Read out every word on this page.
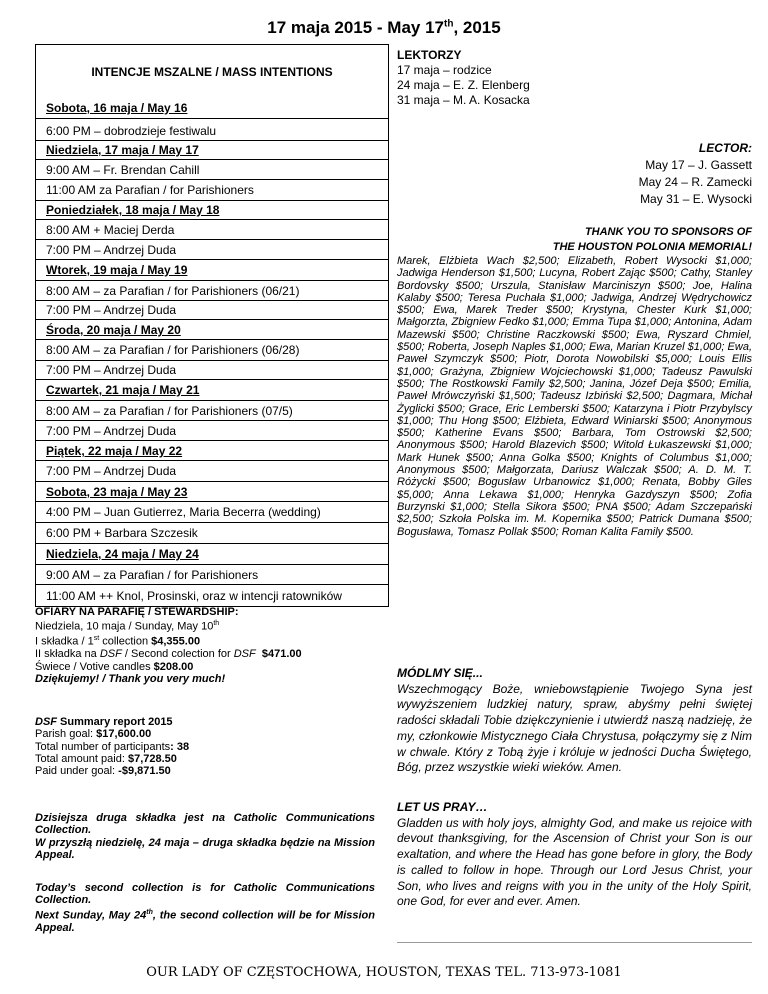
17 maja 2015 - May 17th, 2015
INTENCJE MSZALNE / MASS INTENTIONS
Sobota, 16 maja / May 16
6:00 PM – dobrodzieje festiwalu
Niedziela, 17 maja / May 17
9:00 AM – Fr. Brendan Cahill
11:00 AM za Parafian / for Parishioners
Poniedziałek, 18 maja / May 18
8:00 AM + Maciej Derda
7:00 PM – Andrzej Duda
Wtorek, 19 maja / May 19
8:00 AM – za Parafian / for Parishioners (06/21)
7:00 PM – Andrzej Duda
Środa, 20 maja / May 20
8:00 AM – za Parafian / for Parishioners (06/28)
7:00 PM – Andrzej Duda
Czwartek, 21 maja / May 21
8:00 AM – za Parafian / for Parishioners (07/5)
7:00 PM – Andrzej Duda
Piątek, 22 maja / May 22
7:00 PM – Andrzej Duda
Sobota, 23 maja / May 23
4:00 PM – Juan Gutierrez, Maria Becerra (wedding)
6:00 PM + Barbara Szczesik
Niedziela, 24 maja / May 24
9:00 AM – za Parafian / for Parishioners
11:00 AM ++ Knol, Prosinski, oraz w intencji ratowników
OFIARY NA PARAFIĘ / STEWARDSHIP:
Niedziela, 10 maja / Sunday, May 10th
I składka / 1st collection $4,355.00
II składka na DSF / Second colection for DSF $471.00
Świece / Votive candles $208.00
Dziękujemy! / Thank you very much!
DSF Summary report 2015
Parish goal: $17,600.00
Total number of participants: 38
Total amount paid: $7,728.50
Paid under goal: -$9,871.50
Dzisiejsza druga składka jest na Catholic Communications Collection.
W przyszłą niedzielę, 24 maja – druga składka będzie na Mission Appeal.
Today’s second collection is for Catholic Communications Collection.
Next Sunday, May 24th, the second collection will be for Mission Appeal.
LEKTORZY
17 maja – rodzice
24 maja – E. Z. Elenberg
31 maja – M. A. Kosacka
LECTOR:
May 17 – J. Gassett
May 24 – R. Zamecki
May 31 – E. Wysocki
THANK YOU TO SPONSORS OF
THE HOUSTON POLONIA MEMORIAL!
Marek, Elżbieta Wach $2,500; Elizabeth, Robert Wysocki $1,000; Jadwiga Henderson $1,500; Lucyna, Robert Zając $500; Cathy, Stanley Bordovsky $500; Urszula, Stanisław Marciniszyn $500; Joe, Halina Kalaby $500; Teresa Puchała $1,000; Jadwiga, Andrzej Wędrychowicz $500; Ewa, Marek Treder $500; Krystyna, Chester Kurk $1,000; Małgorzta, Zbigniew Fedko $1,000; Emma Tupa $1,000; Antonina, Adam Mazewski $500; Christine Raczkowski $500; Ewa, Ryszard Chmiel, $500; Roberta, Joseph Naples $1,000; Ewa, Marian Kruzel $1,000; Ewa, Paweł Szymczyk $500; Piotr, Dorota Nowobilski $5,000; Louis Ellis $1,000; Grażyna, Zbigniew Wojciechowski $1,000; Tadeusz Pawulski $500; The Rostkowski Family $2,500; Janina, Józef Deja $500; Emilia, Paweł Mrówczyński $1,500; Tadeusz Izbiński $2,500; Dagmara, Michał Żyglicki $500; Grace, Eric Lemberski $500; Katarzyna i Piotr Przybylscy $1,000; Thu Hong $500; Elżbieta, Edward Winiarski $500; Anonymous $500; Katherine Evans $500; Barbara, Tom Ostrowski $2,500; Anonymous $500; Harold Blazevich $500; Witold Łukaszewski $1,000; Mark Hunek $500; Anna Golka $500; Knights of Columbus $1,000; Anonymous $500; Małgorzata, Dariusz Walczak $500; A. D. M. T. Różycki $500; Bogusław Urbanowicz $1,000; Renata, Bobby Giles $5,000; Anna Lekawa $1,000; Henryka Gazdyszyn $500; Zofia Burzynski $1,000; Stella Sikora $500; PNA $500; Adam Szczepański $2,500; Szkoła Polska im. M. Kopernika $500; Patrick Dumana $500; Bogusława, Tomasz Pollak $500; Roman Kalita Family $500.
MÓDLMY SIĘ...
Wszechmogący Boże, wniebowstąpienie Twojego Syna jest wywyższeniem ludzkiej natury, spraw, abyśmy pełni świętej radości składali Tobie dziękczynienie i utwierdź naszą nadzieję, że my, członkowie Mistycznego Ciała Chrystusa, połączymy się z Nim w chwale. Który z Tobą żyje i króluje w jedności Ducha Świętego, Bóg, przez wszystkie wieki wieków. Amen.
LET US PRAY…
Gladden us with holy joys, almighty God, and make us rejoice with devout thanksgiving, for the Ascension of Christ your Son is our exaltation, and where the Head has gone before in glory, the Body is called to follow in hope. Through our Lord Jesus Christ, your Son, who lives and reigns with you in the unity of the Holy Spirit, one God, for ever and ever. Amen.
OUR LADY OF CZĘSTOCHOWA, HOUSTON, TEXAS TEL. 713-973-1081
